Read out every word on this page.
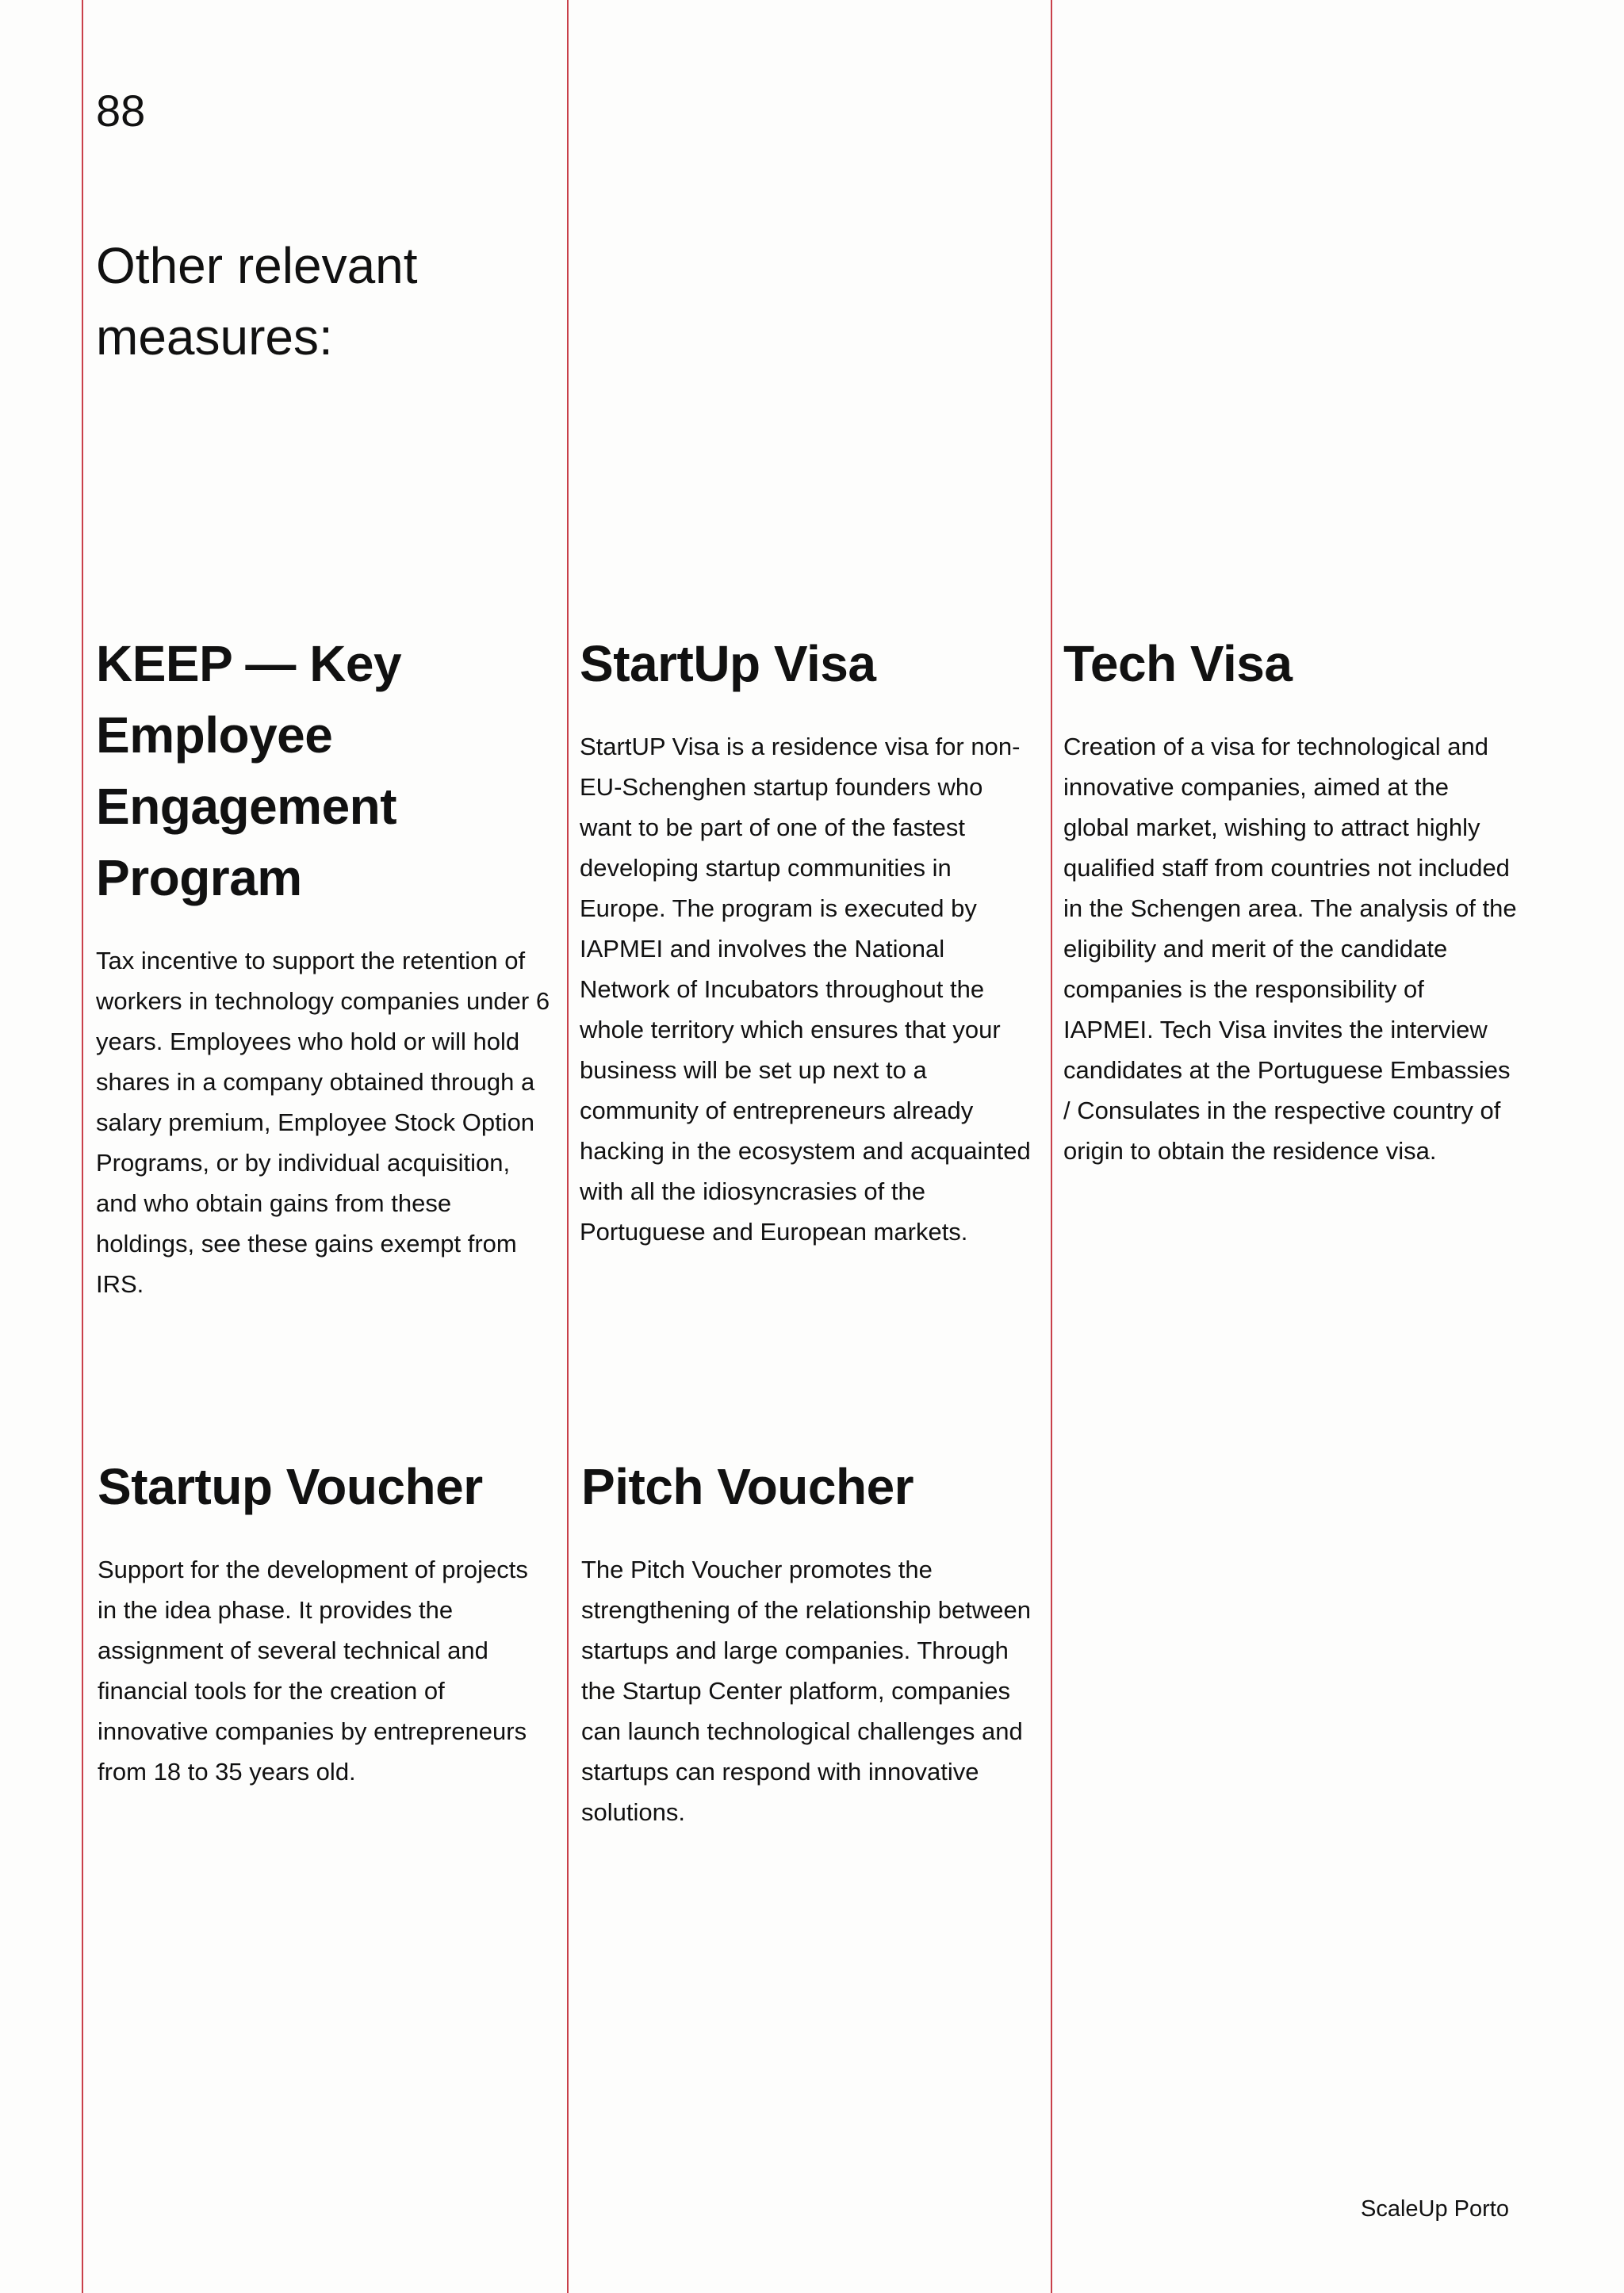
88
Other relevant measures:
KEEP — Key Employee Engagement Program

Tax incentive to support the retention of workers in technology companies under 6 years. Employees who hold or will hold shares in a company obtained through a salary premium, Employee Stock Option Programs, or by individual acquisition, and who obtain gains from these holdings, see these gains exempt from IRS.

StartUp Visa

StartUP Visa is a residence visa for non-EU-Schenghen startup founders who want to be part of one of the fastest developing startup communities in Europe. The program is executed by IAPMEI and involves the National Network of Incubators throughout the whole territory which ensures that your business will be set up next to a community of entrepreneurs already hacking in the ecosystem and acquainted with all the idiosyncrasies of the Portuguese and European markets.

Tech Visa

Creation of a visa for technological and innovative companies, aimed at the global market, wishing to attract highly qualified staff from countries not included in the Schengen area. The analysis of the eligibility and merit of the candidate companies is the responsibility of IAPMEI. Tech Visa invites the interview candidates at the Portuguese Embassies / Consulates in the respective country of origin to obtain the residence visa.

Startup Voucher

Support for the development of projects in the idea phase. It provides the assignment of several technical and financial tools for the creation of innovative companies by entrepreneurs from 18 to 35 years old.

Pitch Voucher

The Pitch Voucher promotes the strengthening of the relationship between startups and large companies. Through the Startup Center platform, companies can launch technological challenges and startups can respond with innovative solutions.

ScaleUp Porto
